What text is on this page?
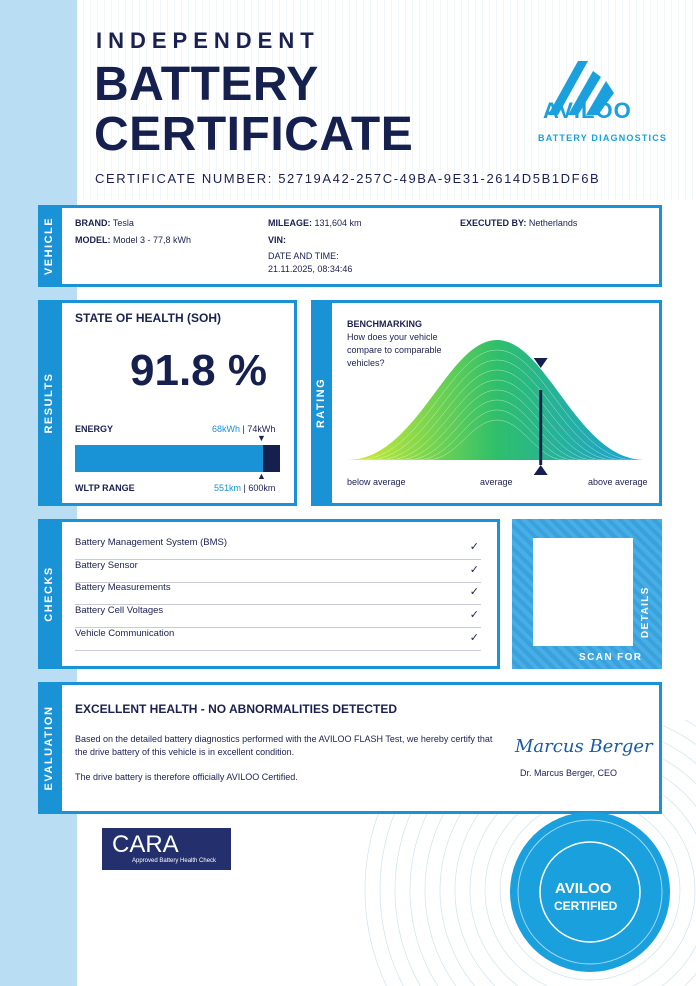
INDEPENDENT
BATTERY
CERTIFICATE
CERTIFICATE NUMBER: 52719A42-257C-49BA-9E31-2614D5B1DF6B
AVILOO
BATTERY DIAGNOSTICS
VEHICLE BRAND: Tesla
MODEL: Model 3 - 77,8 kWh
MILEAGE: 131,604 km
VIN:
DATE AND TIME:
21.11.2025, 08:34:46
EXECUTED BY: Netherlands
RESULTS
STATE OF HEALTH (SOH)
91.8 %
ENERGY	68kWh | 74kWh
▼
▲
WLTP RANGE	551km | 600km
RATING
BENCHMARKING
How does your vehicle compare to comparable vehicles?
below average	average	above average
CHECKS
Battery Management System (BMS)	✓
Battery Sensor	✓
Battery Measurements	✓
Battery Cell Voltages	✓
Vehicle Communication	✓
SCAN FOR
DETAILS
EVALUATION EXCELLENT HEALTH - NO ABNORMALITIES DETECTED
Based on the detailed battery diagnostics performed with the AVILOO FLASH Test, we hereby certify that the drive battery of this vehicle is in excellent condition.
The drive battery is therefore officially AVILOO Certified.
Marcus Berger
Dr. Marcus Berger, CEO
CARA
Approved Battery Health Check
AVILOO
CERTIFIED
